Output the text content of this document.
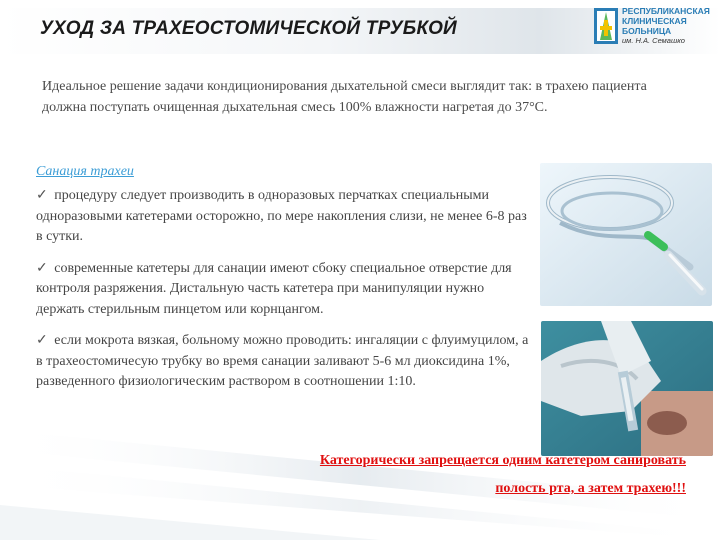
УХОД ЗА ТРАХЕОСТОМИЧЕСКОЙ ТРУБКОЙ
РЕСПУБЛИКАНСКАЯ
КЛИНИЧЕСКАЯ
БОЛЬНИЦА
им. Н.А. Семашко

Идеальное решение задачи кондиционирования дыхательной смеси выглядит так: в трахею пациента должна поступать очищенная дыхательная смесь 100% влажности нагретая до 37°С.

Санация трахеи

✓ процедуру следует производить в одноразовых перчатках специальными одноразовыми катетерами осторожно, по мере накопления слизи, не менее 6-8 раз в сутки.
✓ современные катетеры для санации имеют сбоку специальное отверстие для контроля разряжения. Дистальную часть катетера при манипуляции нужно держать стерильным пинцетом или корнцангом.
✓ если мокрота вязкая, больному можно проводить: ингаляции с флуимуцилом, а в трахеостомичесую трубку во время санации заливают 5-6 мл диоксидина 1%, разведенного физиологическим раствором в соотношении 1:10.

Категорически запрещается одним катетером санировать

полость рта, а затем трахею!!!
